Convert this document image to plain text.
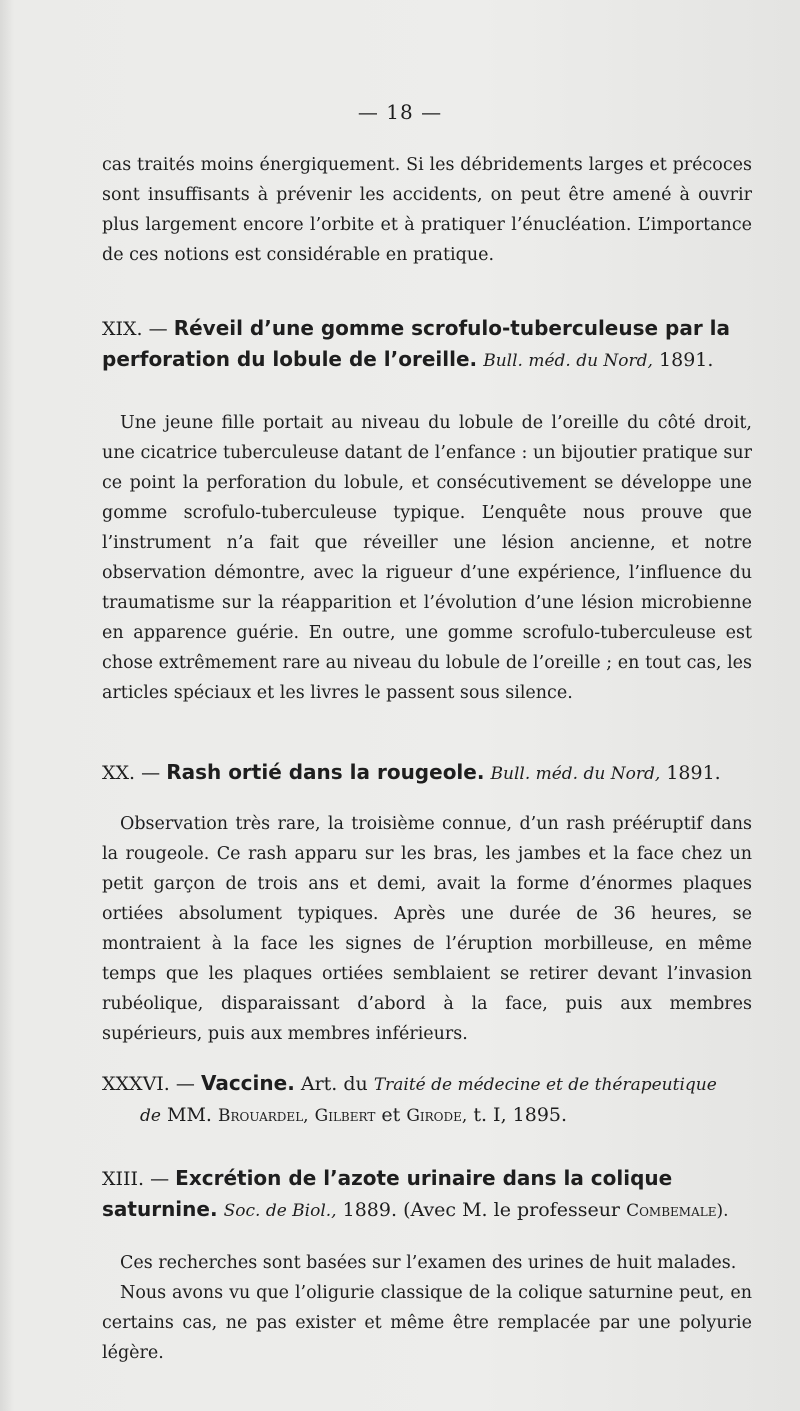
— 18 —

cas traités moins énergiquement. Si les débridements larges et précoces sont insuffisants à prévenir les accidents, on peut être amené à ouvrir plus largement encore l’orbite et à pratiquer l’énucléation. L’importance de ces notions est considérable en pratique.

XIX. — Réveil d’une gomme scrofulo-tuberculeuse par la perforation du lobule de l’oreille. Bull. méd. du Nord, 1891.

Une jeune fille portait au niveau du lobule de l’oreille du côté droit, une cicatrice tuberculeuse datant de l’enfance : un bijoutier pratique sur ce point la perforation du lobule, et consécutivement se développe une gomme scrofulo-tuberculeuse typique. L’enquête nous prouve que l’instrument n’a fait que réveiller une lésion ancienne, et notre observation démontre, avec la rigueur d’une expérience, l’influence du traumatisme sur la réapparition et l’évolution d’une lésion microbienne en apparence guérie. En outre, une gomme scrofulo-tuberculeuse est chose extrêmement rare au niveau du lobule de l’oreille ; en tout cas, les articles spéciaux et les livres le passent sous silence.

XX. — Rash ortié dans la rougeole. Bull. méd. du Nord, 1891.

Observation très rare, la troisième connue, d’un rash prééruptif dans la rougeole. Ce rash apparu sur les bras, les jambes et la face chez un petit garçon de trois ans et demi, avait la forme d’énormes plaques ortiées absolument typiques. Après une durée de 36 heures, se montraient à la face les signes de l’éruption morbilleuse, en même temps que les plaques ortiées semblaient se retirer devant l’invasion rubéolique, disparaissant d’abord à la face, puis aux membres supérieurs, puis aux membres inférieurs.

XXXVI. — Vaccine. Art. du Traité de médecine et de thérapeutique
de MM. Brouardel, Gilbert et Girode, t. I, 1895.
XIII. — Excrétion de l’azote urinaire dans la colique saturnine. Soc. de Biol., 1889. (Avec M. le professeur Combemale).

Ces recherches sont basées sur l’examen des urines de huit malades.

Nous avons vu que l’oligurie classique de la colique saturnine peut, en certains cas, ne pas exister et même être remplacée par une polyurie légère.
